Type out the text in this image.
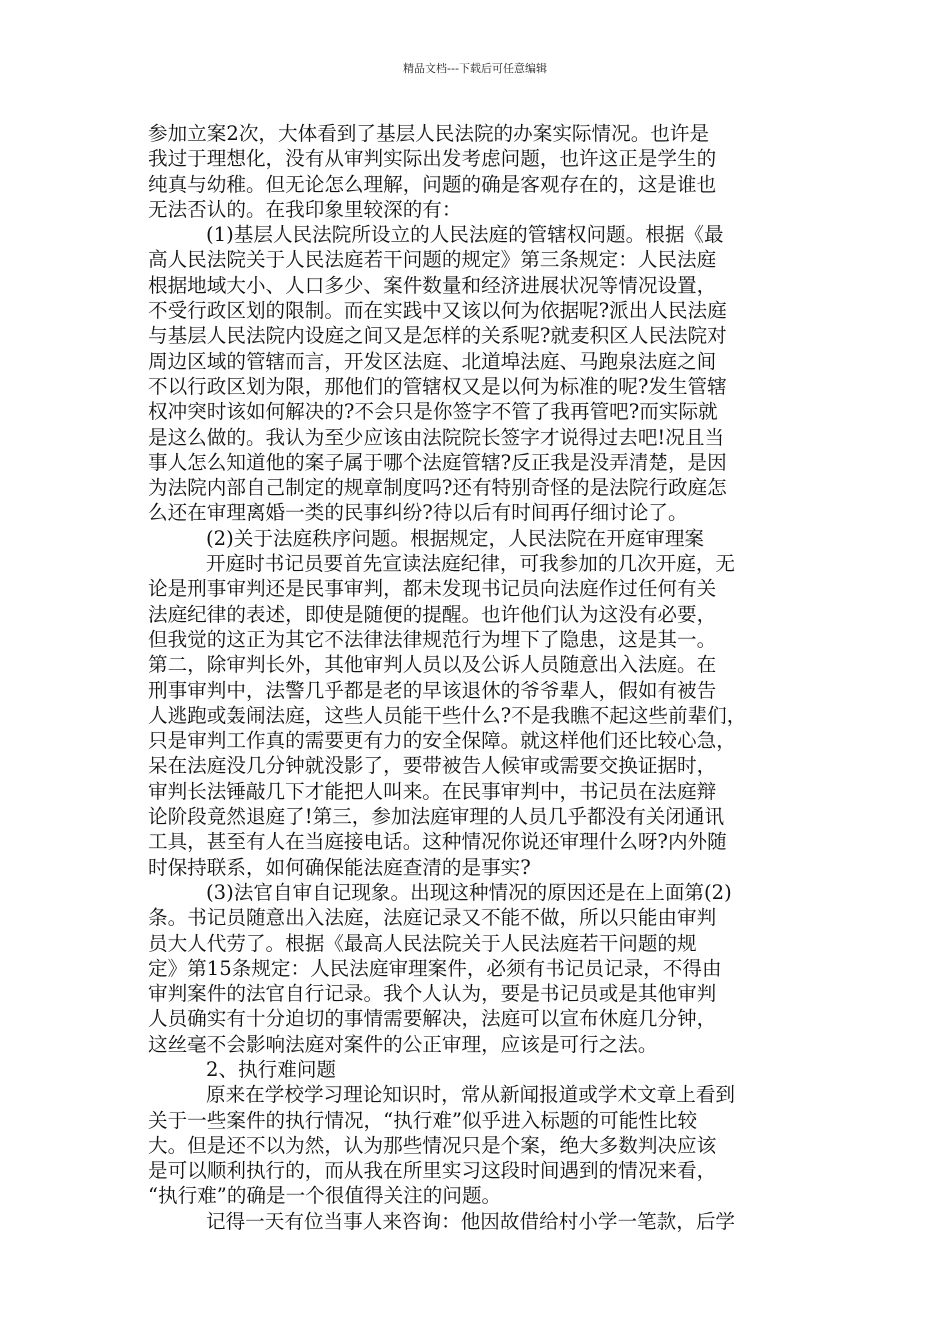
精品文档---下载后可任意编辑
参加立案2次，大体看到了基层人民法院的办案实际情况。也许是
我过于理想化，没有从审判实际出发考虑问题，也许这正是学生的
纯真与幼稚。但无论怎么理解，问题的确是客观存在的，这是谁也
无法否认的。在我印象里较深的有：
(1)基层人民法院所设立的人民法庭的管辖权问题。根据《最
高人民法院关于人民法庭若干问题的规定》第三条规定：人民法庭
根据地域大小、人口多少、案件数量和经济进展状况等情况设置，
不受行政区划的限制。而在实践中又该以何为依据呢?派出人民法庭
与基层人民法院内设庭之间又是怎样的关系呢?就麦积区人民法院对
周边区域的管辖而言，开发区法庭、北道埠法庭、马跑泉法庭之间
不以行政区划为限，那他们的管辖权又是以何为标准的呢?发生管辖
权冲突时该如何解决的?不会只是你签字不管了我再管吧?而实际就
是这么做的。我认为至少应该由法院院长签字才说得过去吧!况且当
事人怎么知道他的案子属于哪个法庭管辖?反正我是没弄清楚，是因
为法院内部自己制定的规章制度吗?还有特别奇怪的是法院行政庭怎
么还在审理离婚一类的民事纠纷?待以后有时间再仔细讨论了。
(2)关于法庭秩序问题。根据规定，人民法院在开庭审理案
开庭时书记员要首先宣读法庭纪律，可我参加的几次开庭，无
论是刑事审判还是民事审判，都未发现书记员向法庭作过任何有关
法庭纪律的表述，即使是随便的提醒。也许他们认为这没有必要，
但我觉的这正为其它不法律法律规范行为埋下了隐患，这是其一。
第二，除审判长外，其他审判人员以及公诉人员随意出入法庭。在
刑事审判中，法警几乎都是老的早该退休的爷爷辈人，假如有被告
人逃跑或轰闹法庭，这些人员能干些什么?不是我瞧不起这些前辈们，
只是审判工作真的需要更有力的安全保障。就这样他们还比较心急，
呆在法庭没几分钟就没影了，要带被告人候审或需要交换证据时，
审判长法锤敲几下才能把人叫来。在民事审判中，书记员在法庭辩
论阶段竟然退庭了!第三，参加法庭审理的人员几乎都没有关闭通讯
工具，甚至有人在当庭接电话。这种情况你说还审理什么呀?内外随
时保持联系，如何确保能法庭查清的是事实?
(3)法官自审自记现象。出现这种情况的原因还是在上面第(2)
条。书记员随意出入法庭，法庭记录又不能不做，所以只能由审判
员大人代劳了。根据《最高人民法院关于人民法庭若干问题的规
定》第15条规定：人民法庭审理案件，必须有书记员记录，不得由
审判案件的法官自行记录。我个人认为，要是书记员或是其他审判
人员确实有十分迫切的事情需要解决，法庭可以宣布休庭几分钟，
这丝毫不会影响法庭对案件的公正审理，应该是可行之法。
2、执行难问题
原来在学校学习理论知识时，常从新闻报道或学术文章上看到
关于一些案件的执行情况，“执行难”似乎进入标题的可能性比较
大。但是还不以为然，认为那些情况只是个案，绝大多数判决应该
是可以顺利执行的，而从我在所里实习这段时间遇到的情况来看，
“执行难”的确是一个很值得关注的问题。
记得一天有位当事人来咨询：他因故借给村小学一笔款，后学
